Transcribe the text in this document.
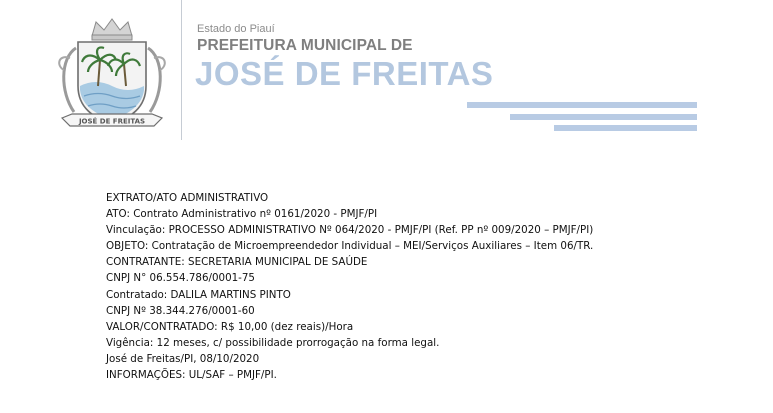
JOSÉ DE FREITAS
Estado do Piauí
PREFEITURA MUNICIPAL DE
JOSÉ DE FREITAS
EXTRATO/ATO ADMINISTRATIVO
ATO: Contrato Administrativo nº 0161/2020 - PMJF/PI
Vinculação: PROCESSO ADMINISTRATIVO Nº 064/2020 - PMJF/PI (Ref. PP nº 009/2020 – PMJF/PI)
OBJETO: Contratação de Microempreendedor Individual – MEI/Serviços Auxiliares – Item 06/TR.
CONTRATANTE: SECRETARIA MUNICIPAL DE SAÚDE
CNPJ N° 06.554.786/0001-75
Contratado: DALILA MARTINS PINTO
CNPJ Nº 38.344.276/0001-60
VALOR/CONTRATADO: R$ 10,00 (dez reais)/Hora
Vigência: 12 meses, c/ possibilidade prorrogação na forma legal.
José de Freitas/PI, 08/10/2020
INFORMAÇÕES: UL/SAF – PMJF/PI.
